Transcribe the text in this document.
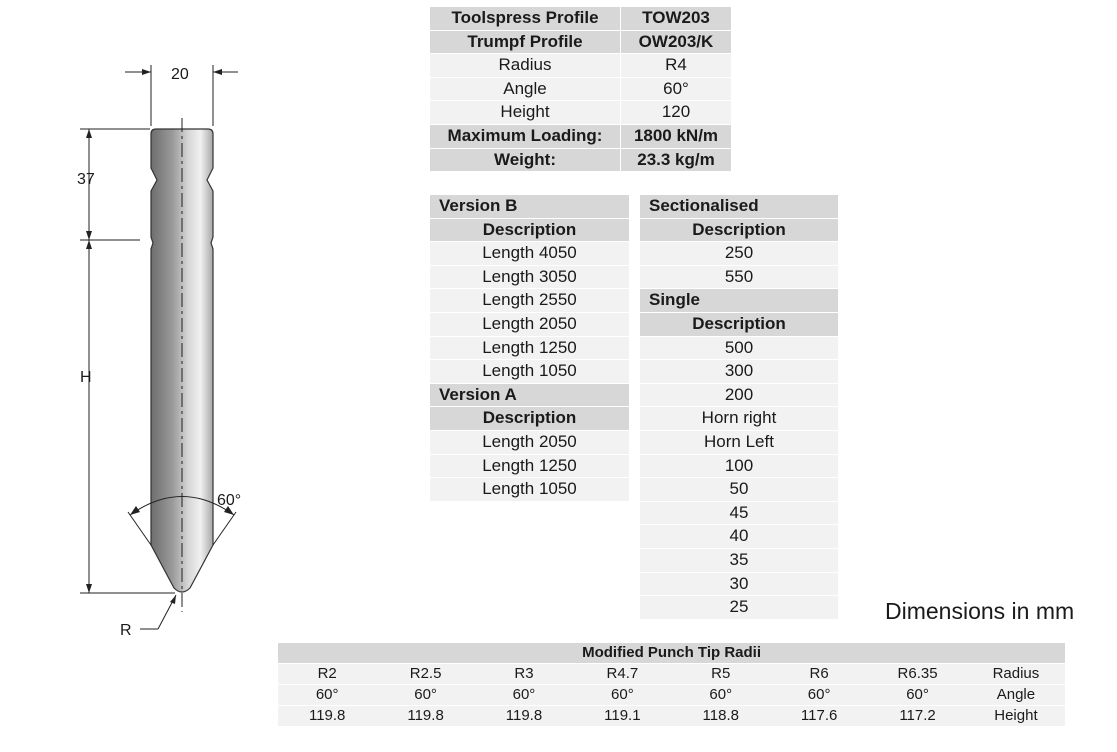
20
37
H
60°
R
Toolspress Profile	TOW203
Trumpf Profile	OW203/K
Radius	R4
Angle	60°
Height	120
Maximum Loading:	1800 kN/m
Weight:	23.3 kg/m
Version B
Description
Length 4050
Length 3050
Length 2550
Length 2050
Length 1250
Length 1050
Version A
Description
Length 2050
Length 1250
Length 1050
Sectionalised
Description
250
550
Single
Description
500
300
200
Horn right
Horn Left
100
50
45
40
35
30
25	Dimensions in mm
Modified Punch Tip Radii							
R2	R2.5	R3	R4.7	R5	R6	R6.35	Radius
60°	60°	60°	60°	60°	60°	60°	Angle
119.8	119.8	119.8	119.1	118.8	117.6	117.2	Height
